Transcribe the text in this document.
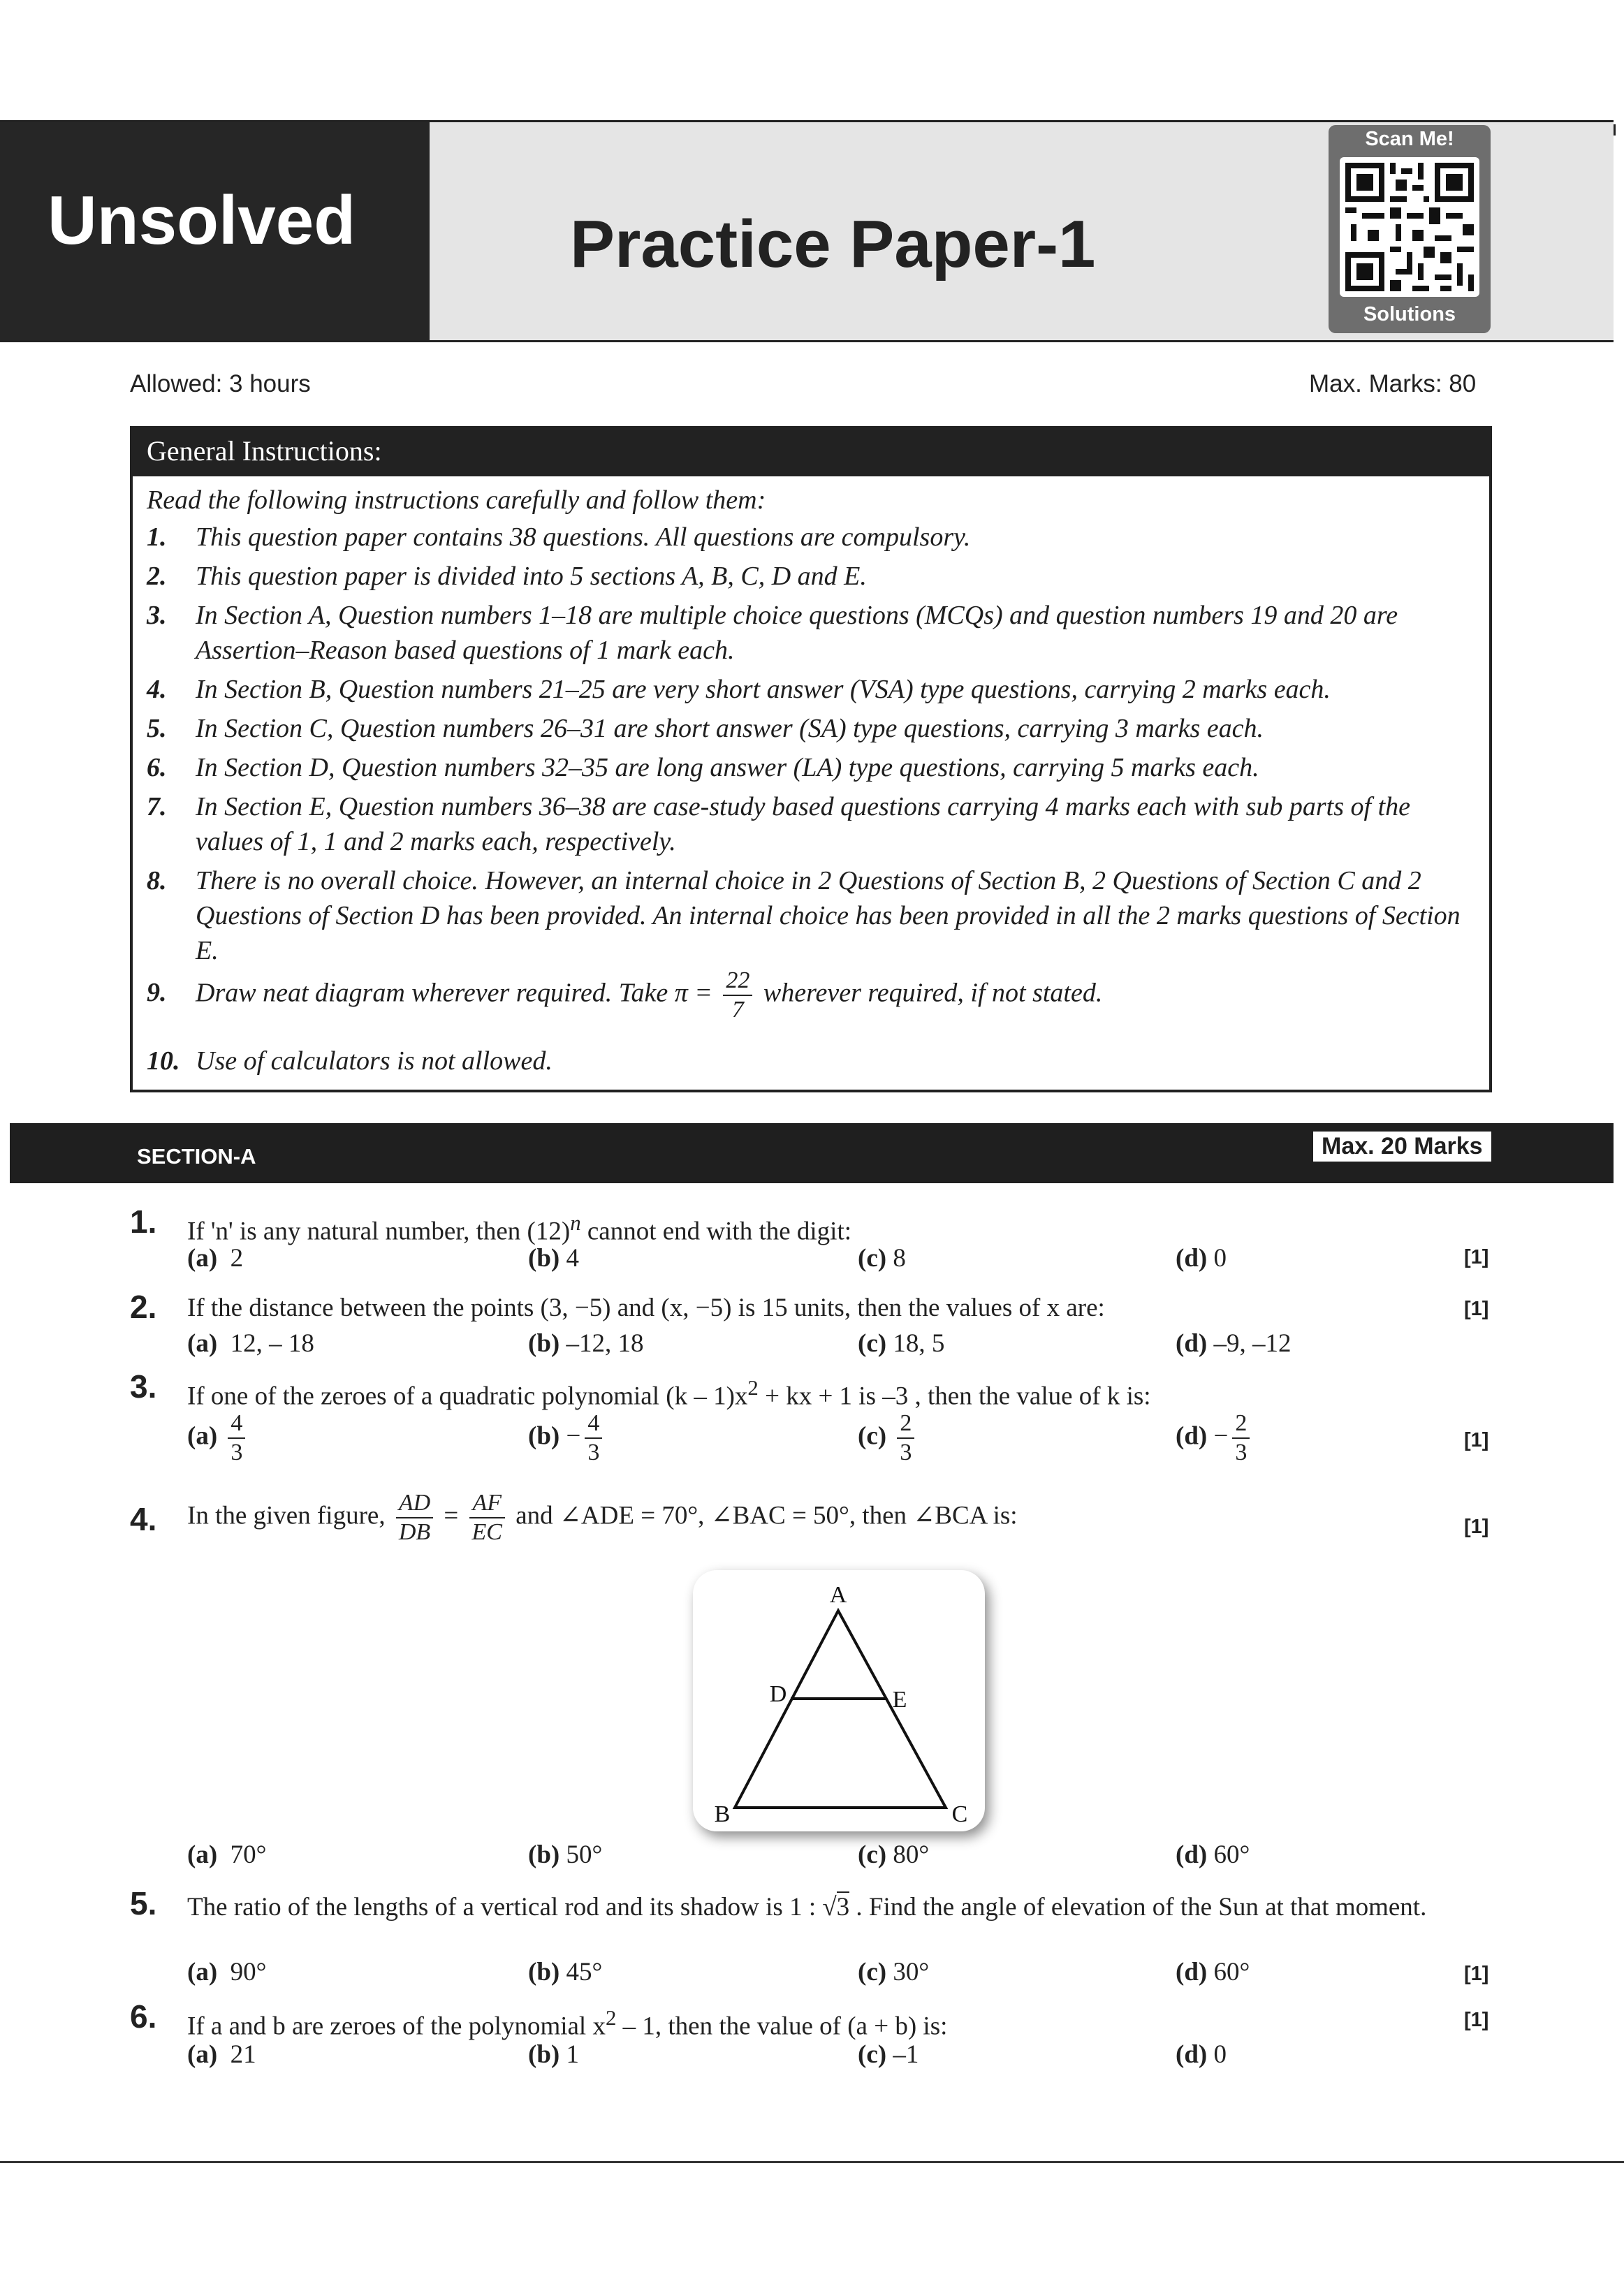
Unsolved	Practice Paper-1
Scan Me!
Solutions
Allowed: 3 hours	Max. Marks: 80
General Instructions:
Read the following instructions carefully and follow them:
1.	This question paper contains 38 questions. All questions are compulsory.
2.	This question paper is divided into 5 sections A, B, C, D and E.
3.	In Section A, Question numbers 1–18 are multiple choice questions (MCQs) and question numbers 19 and 20 are Assertion–Reason based questions of 1 mark each.
4.	In Section B, Question numbers 21–25 are very short answer (VSA) type questions, carrying 2 marks each.
5.	In Section C, Question numbers 26–31 are short answer (SA) type questions, carrying 3 marks each.
6.	In Section D, Question numbers 32–35 are long answer (LA) type questions, carrying 5 marks each.
7.	In Section E, Question numbers 36–38 are case-study based questions carrying 4 marks each with sub parts of the values of 1, 1 and 2 marks each, respectively.
8.	There is no overall choice. However, an internal choice in 2 Questions of Section B, 2 Questions of Section C and 2 Questions of Section D has been provided. An internal choice has been provided in all the 2 marks questions of Section E.
9.	Draw neat diagram wherever required. Take $\pi = \frac{22}{7}$ wherever required, if not stated.
10. Use of calculators is not allowed.
SECTION-A	Max. 20 Marks
1. If 'n' is any natural number, then $(12)^n$ cannot end with the digit:
[1]
(a) 2	(b) 4	(c) 8	(d) 0
2. If the distance between the points (3, −5) and (x, −5) is 15 units, then the values of x are:	[1]
(a) 12, – 18	(b) –12, 18	(c) 18, 5	(d) –9, –12
3. If one of the zeroes of a quadratic polynomial $(k - 1)x^2$ + kx + 1 is –3 , then the value of k is:
[1]
$(a) \frac{4}{3}$	$(b) - \frac{4}{3}$	$(c) \frac{2}{3}$	$(d) - \frac{2}{3}$
4. In the given figure, $\frac{AD}{DB} = \frac{AF}{EC}$ and ∠ADE = 70°, ∠BAC = 50°, then ∠BCA is:	[1]
A
B	C
D	E
(a) 70°	(b) 50°	(c) 80°	(d) 60°
5. The ratio of the lengths of a vertical rod and its shadow is 1 : √3 . Find the angle of elevation of the Sun at that moment.
[1]
(a) 90°	(b) 45°	(c) 30°	(d) 60°
6. If a and b are zeroes of the polynomial $x^2 - 1$, then the value of (a + b) is:	[1]
(a) 21	(b) 1	(c) –1	(d) 0
